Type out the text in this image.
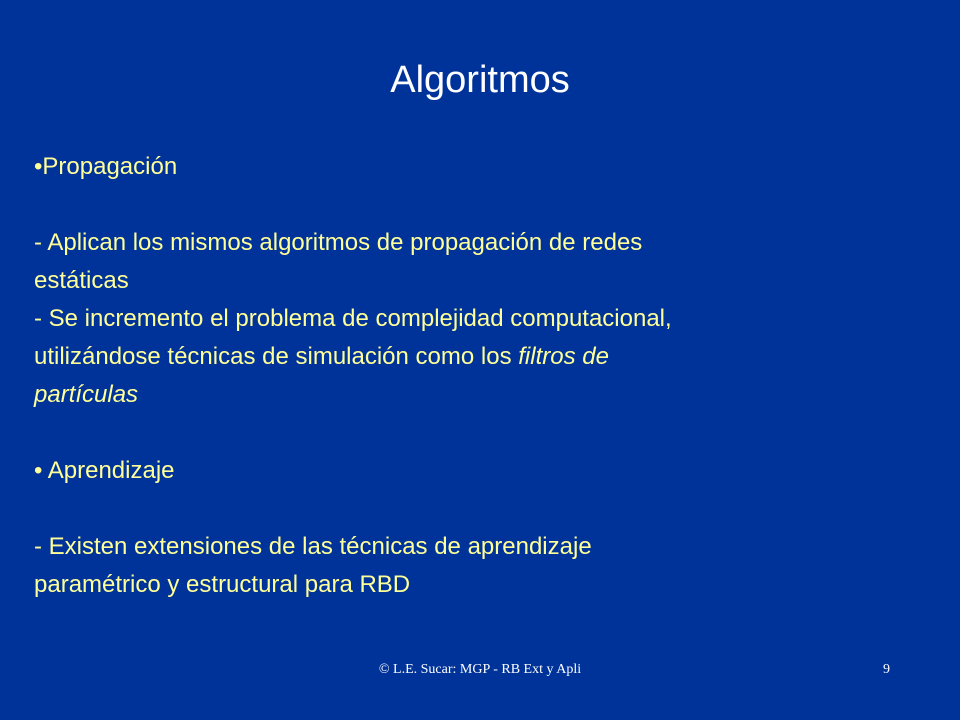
Algoritmos
•Propagación
- Aplican los mismos algoritmos de propagación de redes
estáticas
- Se incremento el problema de complejidad computacional,
utilizándose técnicas de simulación como los filtros de
partículas
• Aprendizaje
- Existen extensiones de las técnicas de aprendizaje
paramétrico y estructural para RBD
© L.E. Sucar: MGP - RB Ext y Apli	9
